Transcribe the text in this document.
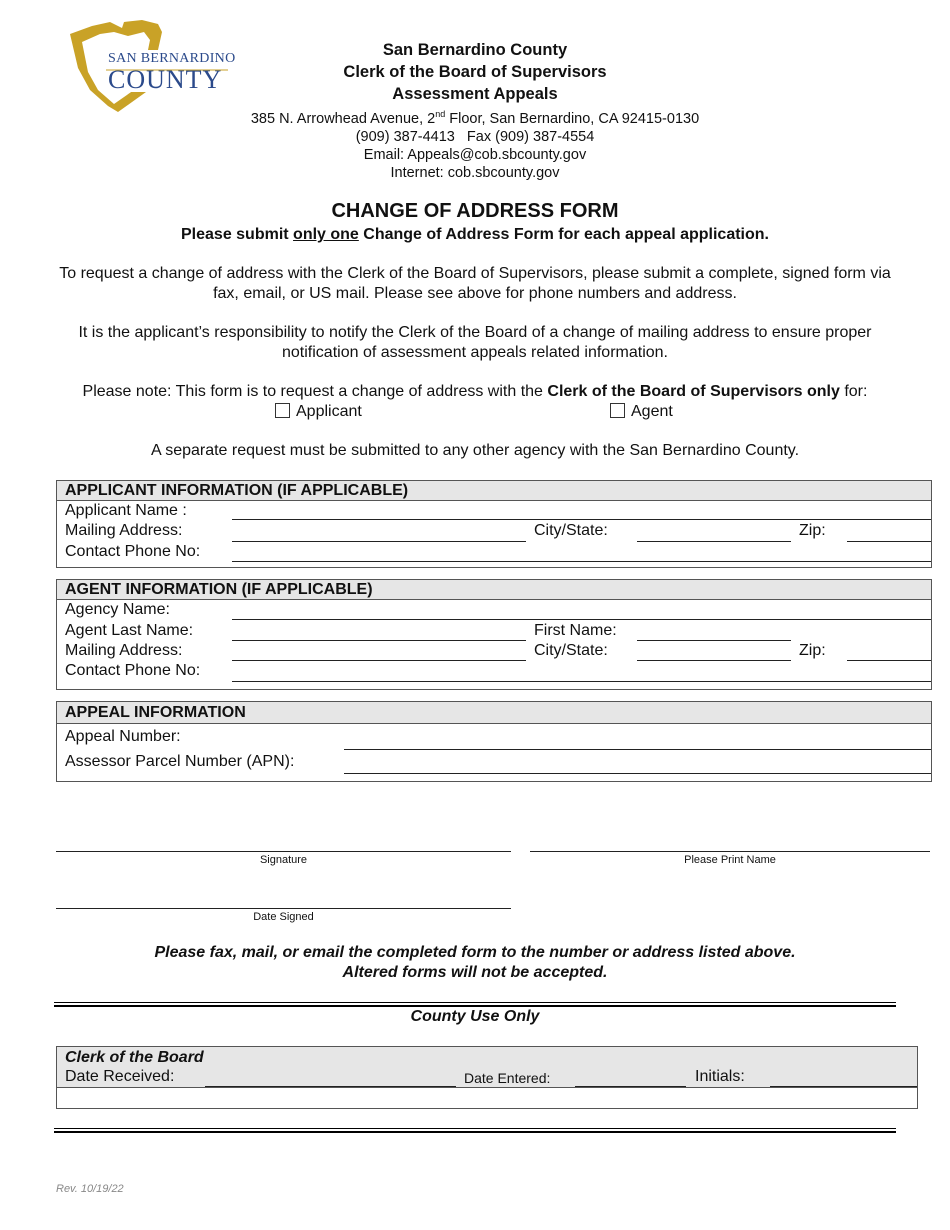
SAN BERNARDINO
COUNTY
San Bernardino County
Clerk of the Board of Supervisors
Assessment Appeals
385 N. Arrowhead Avenue, 2nd Floor, San Bernardino, CA 92415-0130
(909) 387-4413   Fax (909) 387-4554
Email: Appeals@cob.sbcounty.gov
Internet: cob.sbcounty.gov
CHANGE OF ADDRESS FORM
Please submit only one Change of Address Form for each appeal application.
To request a change of address with the Clerk of the Board of Supervisors, please submit a complete, signed form via fax, email, or US mail. Please see above for phone numbers and address.
It is the applicant’s responsibility to notify the Clerk of the Board of a change of mailing address to ensure proper notification of assessment appeals related information.
Please note: This form is to request a change of address with the Clerk of the Board of Supervisors only for:
Applicant	Agent
A separate request must be submitted to any other agency with the San Bernardino County.
APPLICANT INFORMATION (IF APPLICABLE)
Applicant Name :
Mailing Address:	City/State:	Zip:
Contact Phone No:
AGENT INFORMATION (IF APPLICABLE)
Agency Name:
Agent Last Name:	First Name:
Mailing Address:	City/State:	Zip:
Contact Phone No:
APPEAL INFORMATION
Appeal Number:
Assessor Parcel Number (APN):
Signature	Please Print Name
Date Signed
Please fax, mail, or email the completed form to the number or address listed above.
Altered forms will not be accepted.
County Use Only
Clerk of the Board
Date Received:	Date Entered:	Initials:
Rev. 10/19/22
